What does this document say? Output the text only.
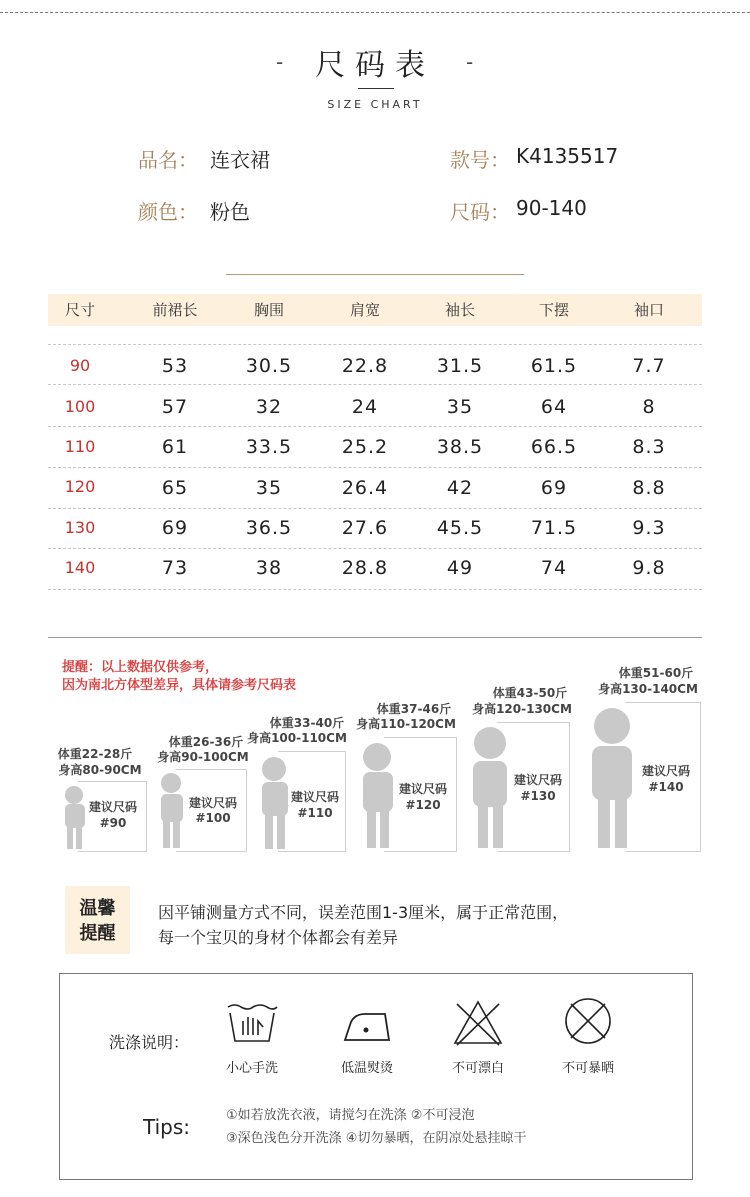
-	尺码表	-
SIZE CHART
品名： 连衣裙	款号： K4135517
颜色： 粉色	尺码： 90-140
尺寸	前裙长	胸围	肩宽	袖长	下摆	袖口
90	53	30.5	22.8	31.5	61.5	7.7
100	57	32	24	35	64	8
110	61	33.5	25.2	38.5	66.5	8.3
120	65	35	26.4	42	69	8.8
130	69	36.5	27.6	45.5	71.5	9.3
140	73	38	28.8	49	74	9.8
提醒：以上数据仅供参考，
因为南北方体型差异，具体请参考尺码表
体重22-28斤
身高80-90CM
建议尺码
#90
体重26-36斤
身高90-100CM
建议尺码
#100
体重33-40斤
身高100-110CM
建议尺码
#110
体重37-46斤
身高110-120CM
建议尺码
#120
体重43-50斤
身高120-130CM
建议尺码
#130
体重51-60斤
身高130-140CM
建议尺码
#140
温馨
提醒
因平铺测量方式不同，误差范围1-3厘米，属于正常范围，
每一个宝贝的身材个体都会有差异
洗涤说明：
小心手洗	低温熨烫	不可漂白	不可暴晒
Tips:	①如若放洗衣液，请搅匀在洗涤 ②不可浸泡
③深色浅色分开洗涤 ④切勿暴晒，在阴凉处悬挂晾干
